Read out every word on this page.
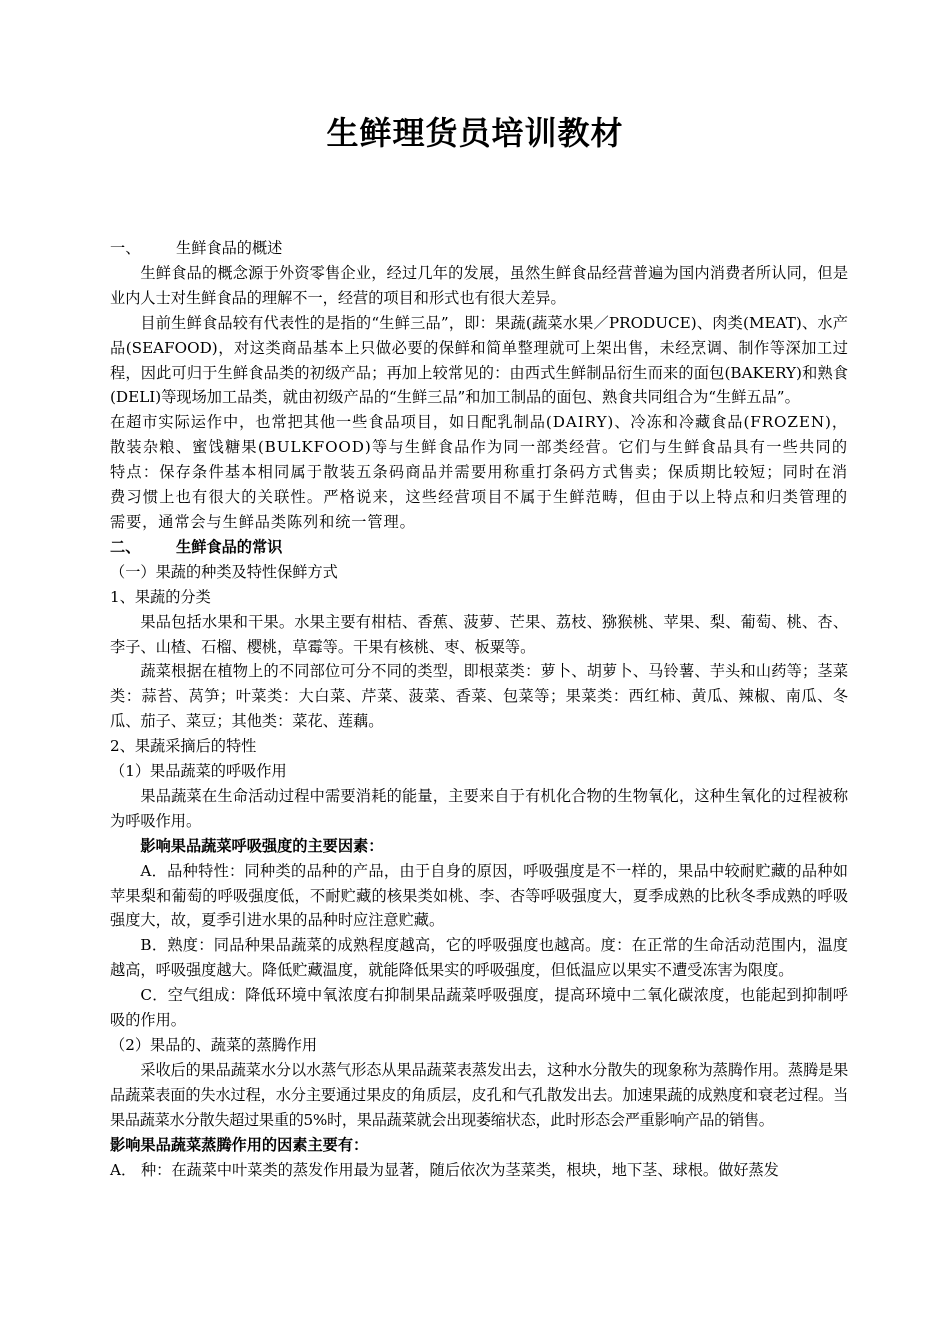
生鲜理货员培训教材

一、 生鲜食品的概述

生鲜食品的概念源于外资零售企业，经过几年的发展，虽然生鲜食品经营普遍为国内消费者所认同，但是业内人士对生鲜食品的理解不一，经营的项目和形式也有很大差异。

目前生鲜食品较有代表性的是指的“生鲜三品”，即：果蔬(蔬菜水果／PRODUCE)、肉类(MEAT)、水产品(SEAFOOD)，对这类商品基本上只做必要的保鲜和简单整理就可上架出售，未经烹调、制作等深加工过程，因此可归于生鲜食品类的初级产品；再加上较常见的：由西式生鲜制品衍生而来的面包(BAKERY)和熟食(DELI)等现场加工品类，就由初级产品的“生鲜三品”和加工制品的面包、熟食共同组合为“生鲜五品”。

在超市实际运作中，也常把其他一些食品项目，如日配乳制品(DAIRY)、冷冻和冷藏食品(FROZEN)，散装杂粮、蜜饯糖果(BULKFOOD)等与生鲜食品作为同一部类经营。它们与生鲜食品具有一些共同的特点：保存条件基本相同属于散装五条码商品并需要用称重打条码方式售卖；保质期比较短；同时在消费习惯上也有很大的关联性。严格说来，这些经营项目不属于生鲜范畴，但由于以上特点和归类管理的需要，通常会与生鲜品类陈列和统一管理。

二、 生鲜食品的常识

（一）果蔬的种类及特性保鲜方式

1、果蔬的分类

果品包括水果和干果。水果主要有柑桔、香蕉、菠萝、芒果、荔枝、猕猴桃、苹果、梨、葡萄、桃、杏、李子、山楂、石榴、樱桃，草霉等。干果有核桃、枣、板粟等。

蔬菜根据在植物上的不同部位可分不同的类型，即根菜类：萝卜、胡萝卜、马铃薯、芋头和山药等；茎菜类：蒜苔、莴笋；叶菜类：大白菜、芹菜、菠菜、香菜、包菜等；果菜类：西红柿、黄瓜、辣椒、南瓜、冬瓜、茄子、菜豆；其他类：菜花、莲藕。

2、果蔬采摘后的特性

（1）果品蔬菜的呼吸作用

果品蔬菜在生命活动过程中需要消耗的能量，主要来自于有机化合物的生物氧化，这种生氧化的过程被称为呼吸作用。

影响果品蔬菜呼吸强度的主要因素：

A．品种特性：同种类的品种的产品，由于自身的原因，呼吸强度是不一样的，果品中较耐贮藏的品种如苹果梨和葡萄的呼吸强度低，不耐贮藏的核果类如桃、李、杏等呼吸强度大，夏季成熟的比秋冬季成熟的呼吸强度大，故，夏季引进水果的品种时应注意贮藏。

B．熟度：同品种果品蔬菜的成熟程度越高，它的呼吸强度也越高。度：在正常的生命活动范围内，温度越高，呼吸强度越大。降低贮藏温度，就能降低果实的呼吸强度，但低温应以果实不遭受冻害为限度。

C．空气组成：降低环境中氧浓度右抑制果品蔬菜呼吸强度，提高环境中二氧化碳浓度，也能起到抑制呼吸的作用。

（2）果品的、蔬菜的蒸腾作用

采收后的果品蔬菜水分以水蒸气形态从果品蔬菜表蒸发出去，这种水分散失的现象称为蒸腾作用。蒸腾是果品蔬菜表面的失水过程，水分主要通过果皮的角质层，皮孔和气孔散发出去。加速果蔬的成熟度和衰老过程。当果品蔬菜水分散失超过果重的5%时，果品蔬菜就会出现萎缩状态，此时形态会严重影响产品的销售。

影响果品蔬菜蒸腾作用的因素主要有：

A． 种：在蔬菜中叶菜类的蒸发作用最为显著，随后依次为茎菜类，根块，地下茎、球根。做好蒸发
